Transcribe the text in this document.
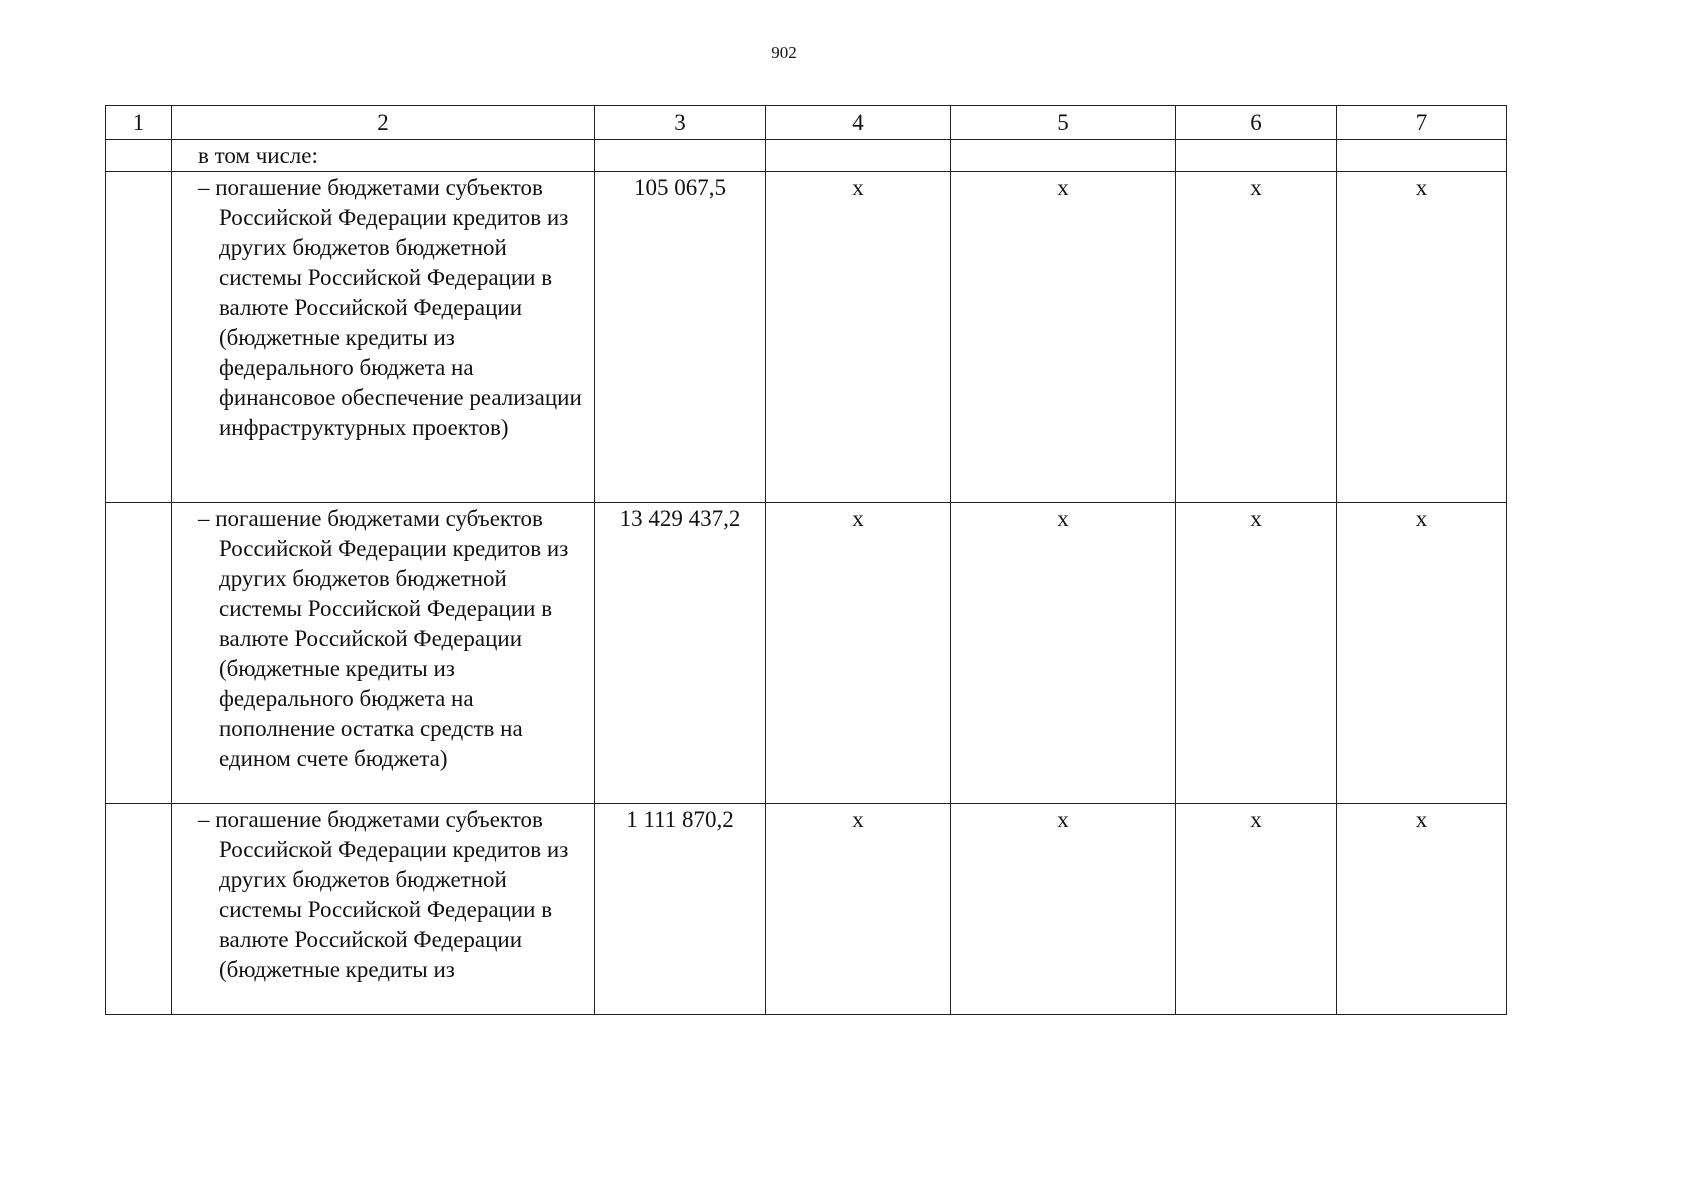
902
1	2	3	4	5	6	7

	в том числе:					

	– погашение бюджетами субъектов Российской Федерации кредитов из других бюджетов бюджетной системы Российской Федерации в валюте Российской Федерации (бюджетные кредиты из федерального бюджета на финансовое обеспечение реализации инфраструктурных проектов)	105 067,5	x	x	x	x

	– погашение бюджетами субъектов Российской Федерации кредитов из других бюджетов бюджетной системы Российской Федерации в валюте Российской Федерации (бюджетные кредиты из федерального бюджета на пополнение остатка средств на едином счете бюджета)	13 429 437,2	x	x	x	x

	– погашение бюджетами субъектов Российской Федерации кредитов из других бюджетов бюджетной системы Российской Федерации в валюте Российской Федерации (бюджетные кредиты из	1 111 870,2	x	x	x	x
